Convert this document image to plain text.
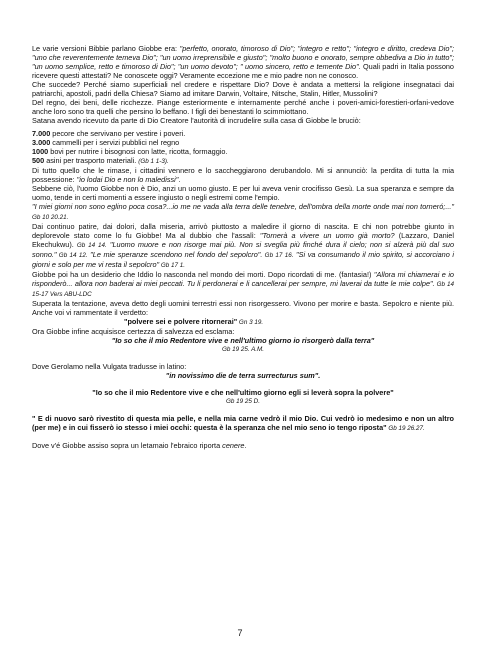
Le varie versioni Bibbie parlano Giobbe era: "perfetto, onorato, timoroso di Dio"; "integro e retto"; "integro e diritto, credeva Dio"; "uno che reverentemente temeva Dio"; "un uomo irreprensibile e giusto"; "molto buono e onorato, sempre obbediva a Dio in tutto"; "un uomo semplice, retto e timoroso di Dio"; "un uomo devoto"; " uomo sincero, retto e temente Dio". Quali padri in Italia possono ricevere questi attestati? Ne conoscete oggi? Veramente eccezione me e mio padre non ne conosco.

Che succede? Perché siamo superficiali nel credere e rispettare Dio? Dove è andata a mettersi la religione insegnataci dai patriarchi, apostoli, padri della Chiesa? Siamo ad imitare Darwin, Voltaire, Nitsche, Stalin, Hitler, Mussolini?

Del regno, dei beni, delle ricchezze. Piange esteriormente e internamente perché anche i poveri-amici-forestieri-orfani-vedove anche loro sono tra quelli che persino lo beffano. I figli dei benestanti lo scimmiottano.

Satana avendo ricevuto da parte di Dio Creatore l'autorità di incrudelire sulla casa di Giobbe le bruciò:

7.000 pecore che servivano per vestire i poveri.

3.000 cammelli per i servizi pubblici nel regno

1000 bovi per nutrire i bisognosi con latte, ricotta, formaggio.

500 asini per trasporto materiali. (Gb 1 1-3).

Di tutto quello che le rimase, i cittadini vennero e lo saccheggiarono derubandolo. Mi si annunciò: la perdita di tutta la mia possessione: "io lodai Dio e non lo maledissi".

Sebbene ciò, l'uomo Giobbe non è Dio, anzi un uomo giusto. E per lui aveva venir crocifisso Gesù. La sua speranza e sempre da uomo, tende in certi momenti a essere ingiusto o negli estremi come l'empio.

"I miei giorni non sono eglino poca cosa?...io me ne vada alla terra delle tenebre, dell'ombra della morte onde mai non torneró;..." Gb 10 20.21.

Dai continuo patire, dai dolori, dalla miseria, arrivò piuttosto a maledire il giorno di nascita. E chi non potrebbe giunto in deplorevole stato come lo fu Giobbe! Ma al dubbio che l'assalì: "Tornerà a vivere un uomo già morto? (Lazzaro, Daniel Ekechukwu). Gb 14 14. "Luomo muore e non risorge mai più. Non si sveglia più finché dura il cielo; non si alzerà più dal suo sonno." Gb 14 12. "Le mie speranze scendono nel fondo del sepolcro". Gb 17 16. "Si va consumando il mio spirito, si accorciano i giorni e solo per me vi resta il sepolcro" Gb 17 1.

Giobbe poi ha un desiderio che Iddio lo nasconda nel mondo dei morti. Dopo ricordati di me. (fantasia!) "Allora mi chiamerai e io risponderò... allora non baderai ai miei peccati. Tu li perdonerai e li cancellerai per sempre, mi laverai da tutte le mie colpe". Gb 14 15-17 Vers ABU-LDC

Superata la tentazione, aveva detto degli uomini terrestri essi non risorgessero. Vivono per morire e basta. Sepolcro e niente più. Anche voi vi rammentate il verdetto:

"polvere sei e polvere ritornerai" Gn 3 19.

Ora Giobbe infine acquisisce certezza di salvezza ed esclama:

"Io so che il mio Redentore vive e nell'ultimo giorno io risorgerò dalla terra"
Gb 19 25. A.M.

Dove Gerolamo nella Vulgata tradusse in latino:

"in novissimo die de terra surrecturus sum".

"Io so che il mio Redentore vive e che nell'ultimo giorno egli si leverà sopra la polvere"
Gb 19 25 D.

" E di nuovo sarò rivestito di questa mia pelle, e nella mia carne vedrò il mio Dio. Cui vedrò io medesimo e non un altro (per me) e in cui fisserò io stesso i miei occhi: questa è la speranza che nel mio seno io tengo riposta" Gb 19 26.27.

Dove v'é Giobbe assiso sopra un letamaio l'ebraico riporta cenere.

7
